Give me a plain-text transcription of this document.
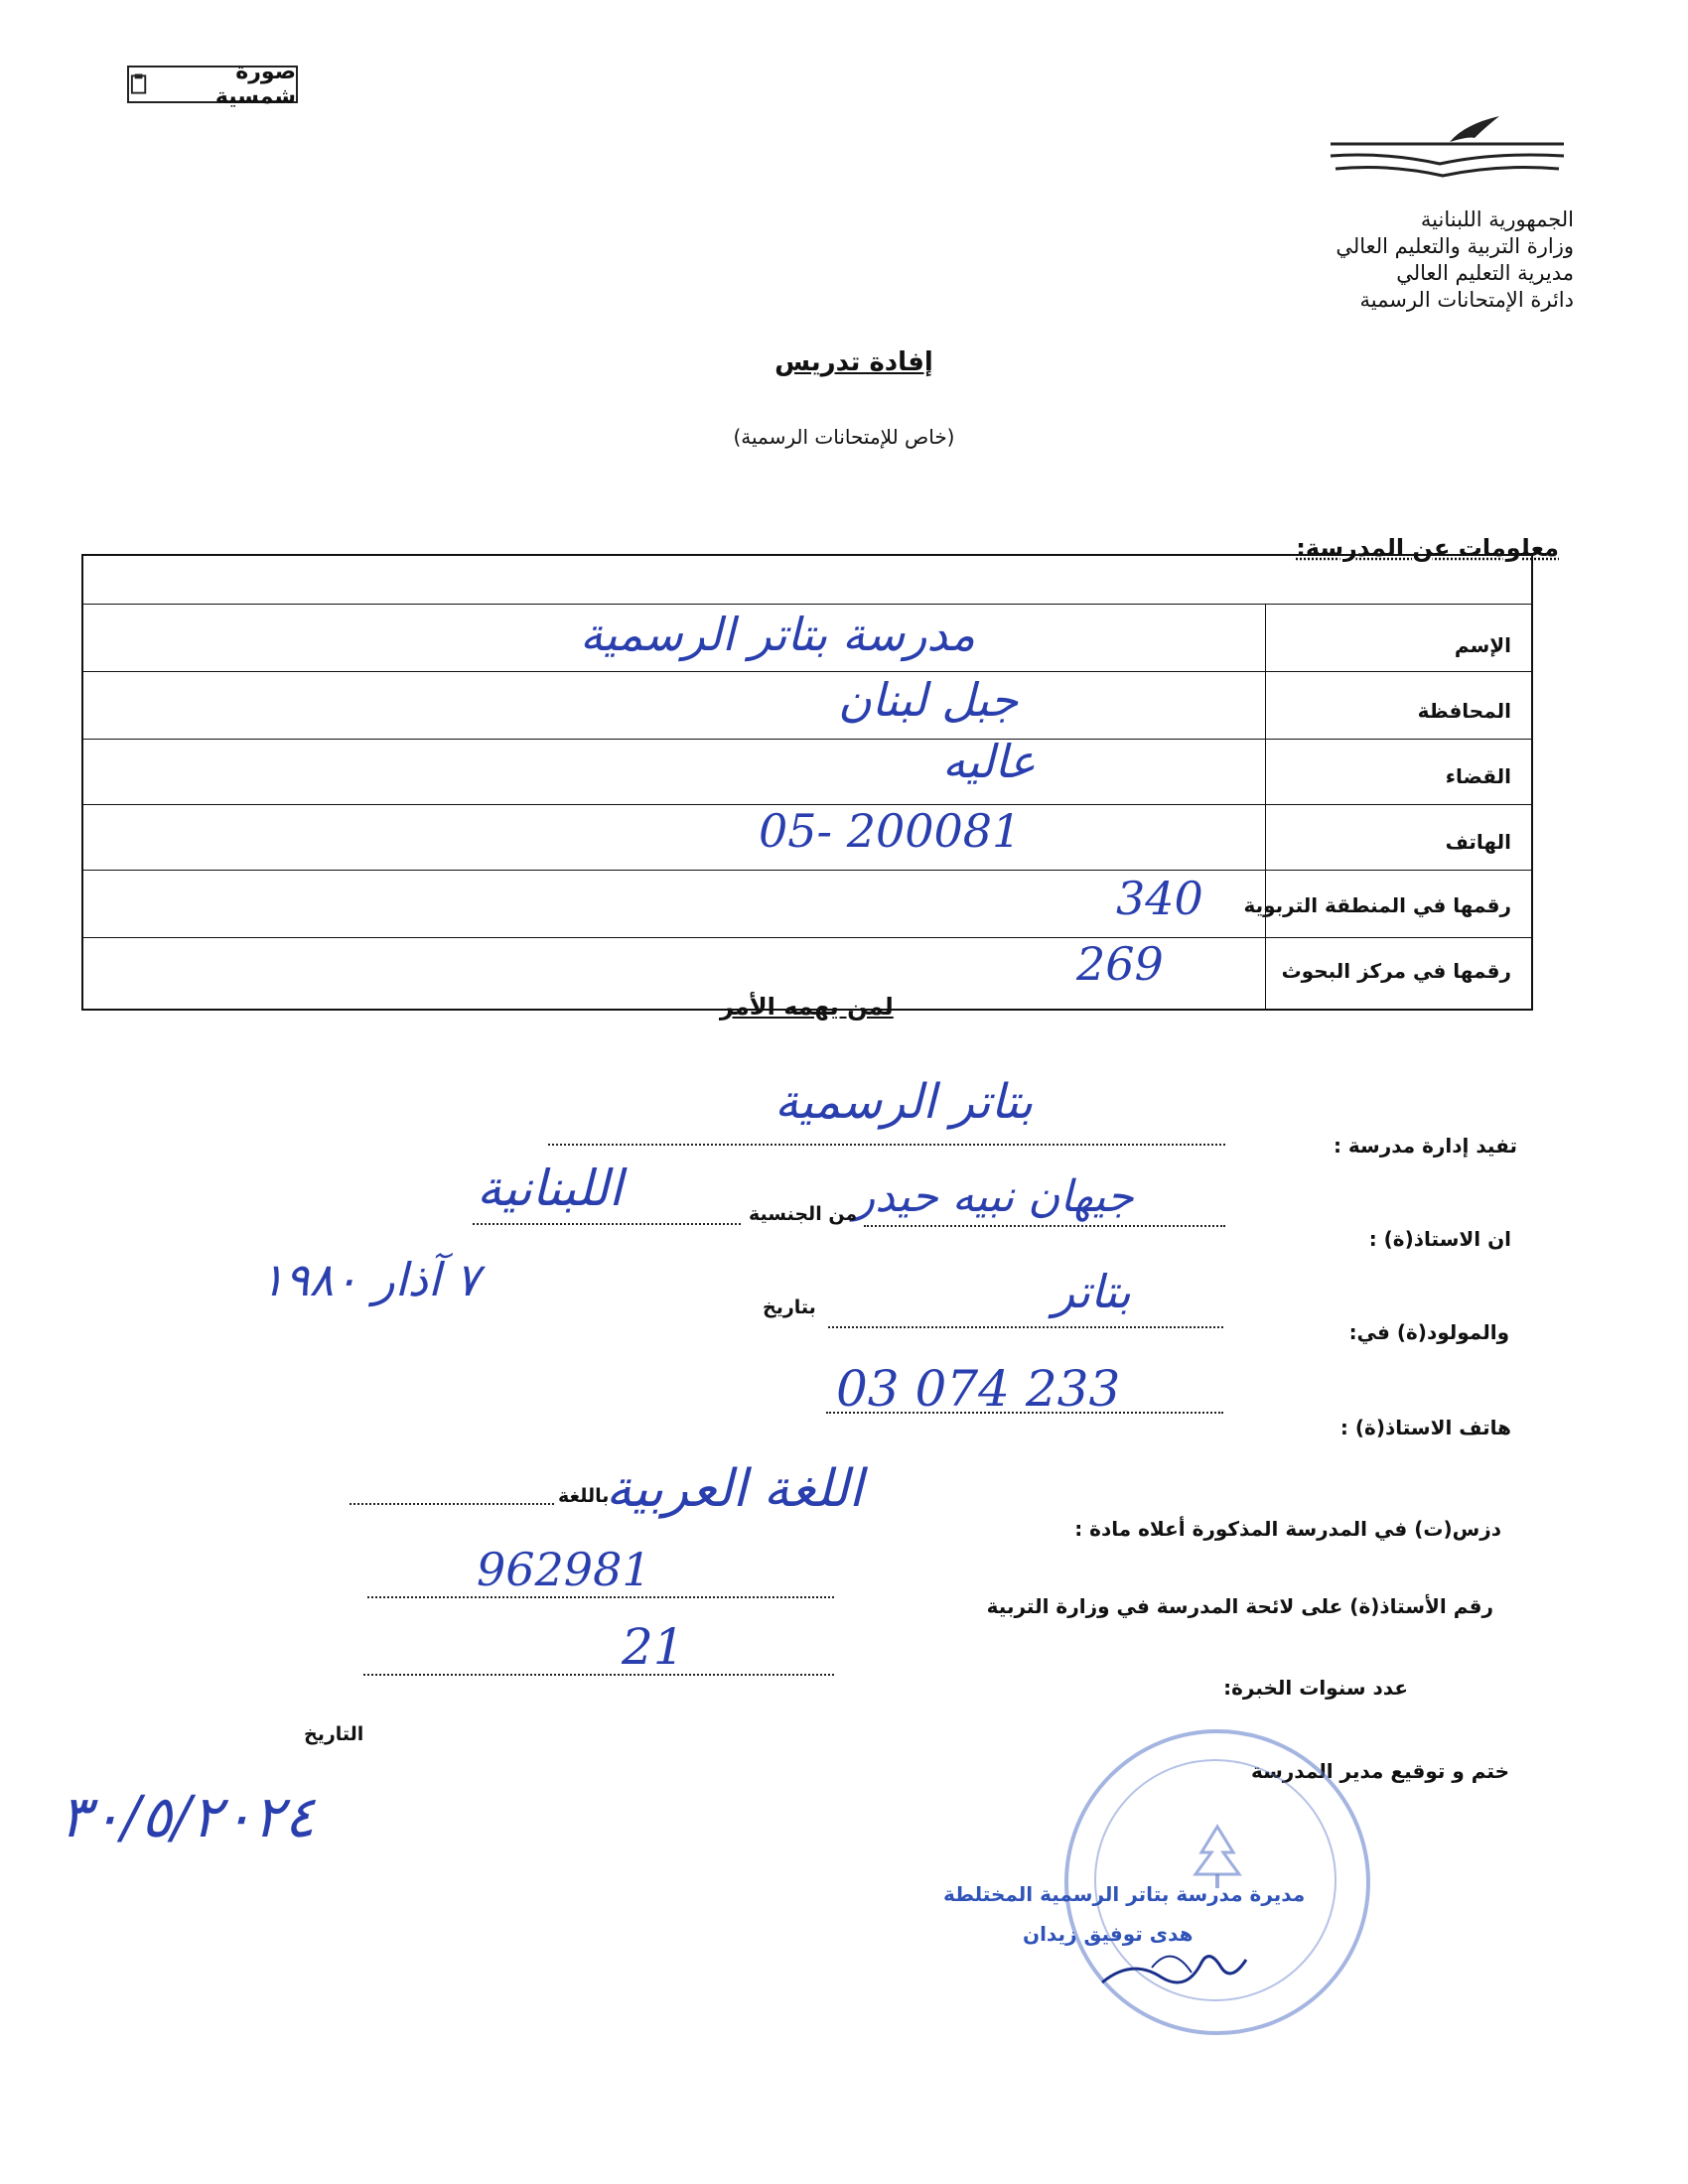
صورة شمسية
الجمهورية اللبنانية
وزارة التربية والتعليم العالي
مديرية التعليم العالي
دائرة الإمتحانات الرسمية
إفادة تدريس
(خاص للإمتحانات الرسمية)
معلومات عن المدرسة:
الإسم
المحافظة
القضاء
الهاتف
رقمها في المنطقة التربوية
رقمها في مركز البحوث
مدرسة بتاتر الرسمية
جبل لبنان
عاليه
05- 200081
340
269
لمن يهمه الأمر
تفيد إدارة مدرسة :
بتاتر الرسمية
ان الاستاذ(ة) :
جيهان نبيه حيدر
من الجنسية
اللبنانية
والمولود(ة) في:
بتاتر
بتاريخ
٧ آذار ١٩٨٠
هاتف الاستاذ(ة) :
03 074 233
دزس(ت) في المدرسة المذكورة أعلاه مادة :
باللغة
اللغة العربية
رقم الأستاذ(ة) على لائحة المدرسة في وزارة التربية
962981
عدد سنوات الخبرة:
21
ختم و توقيع مدير المدرسة
التاريخ
٣٠/٥/٢٠٢٤
مديرة مدرسة بتاتر الرسمية المختلطة
هدى توفيق زيدان
